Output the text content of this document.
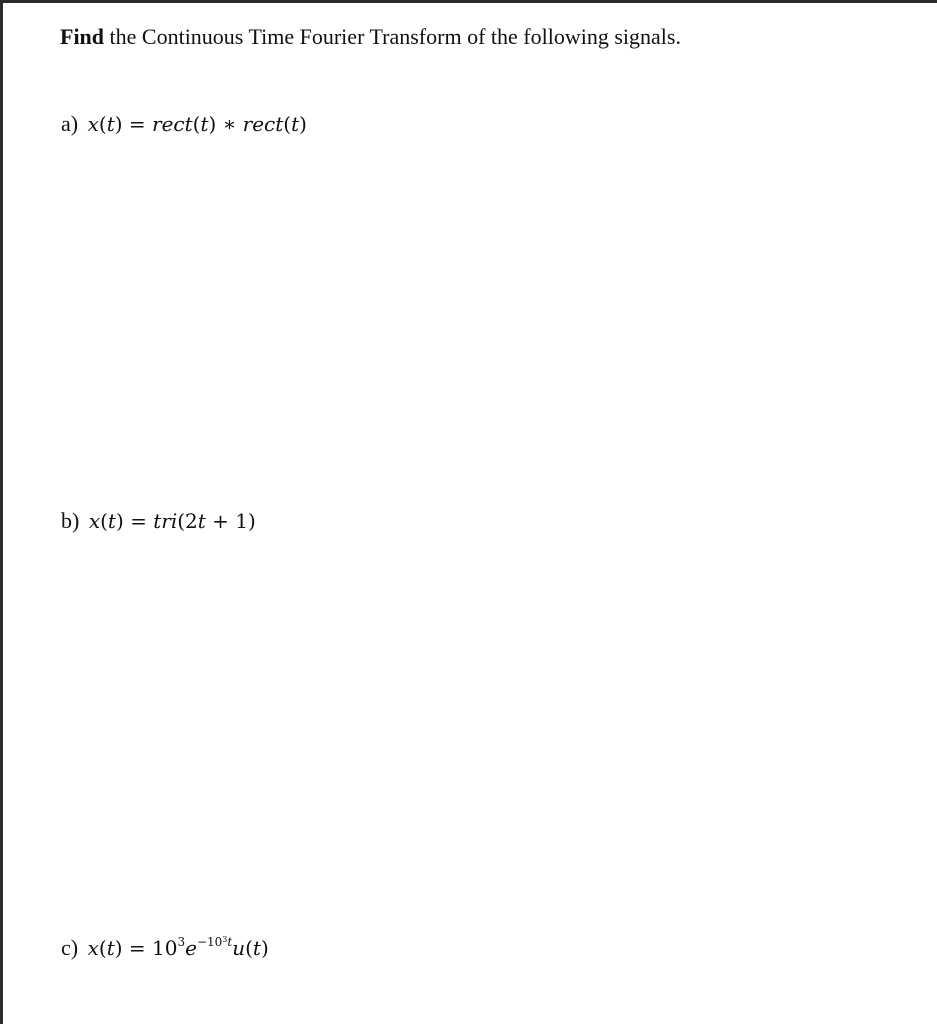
Find the Continuous Time Fourier Transform of the following signals.
a) x(t) = rect(t) ∗ rect(t)
b) x(t) = tri(2t + 1)
c) $x(t) = 10^3e^{-10^3t}u(t)$
